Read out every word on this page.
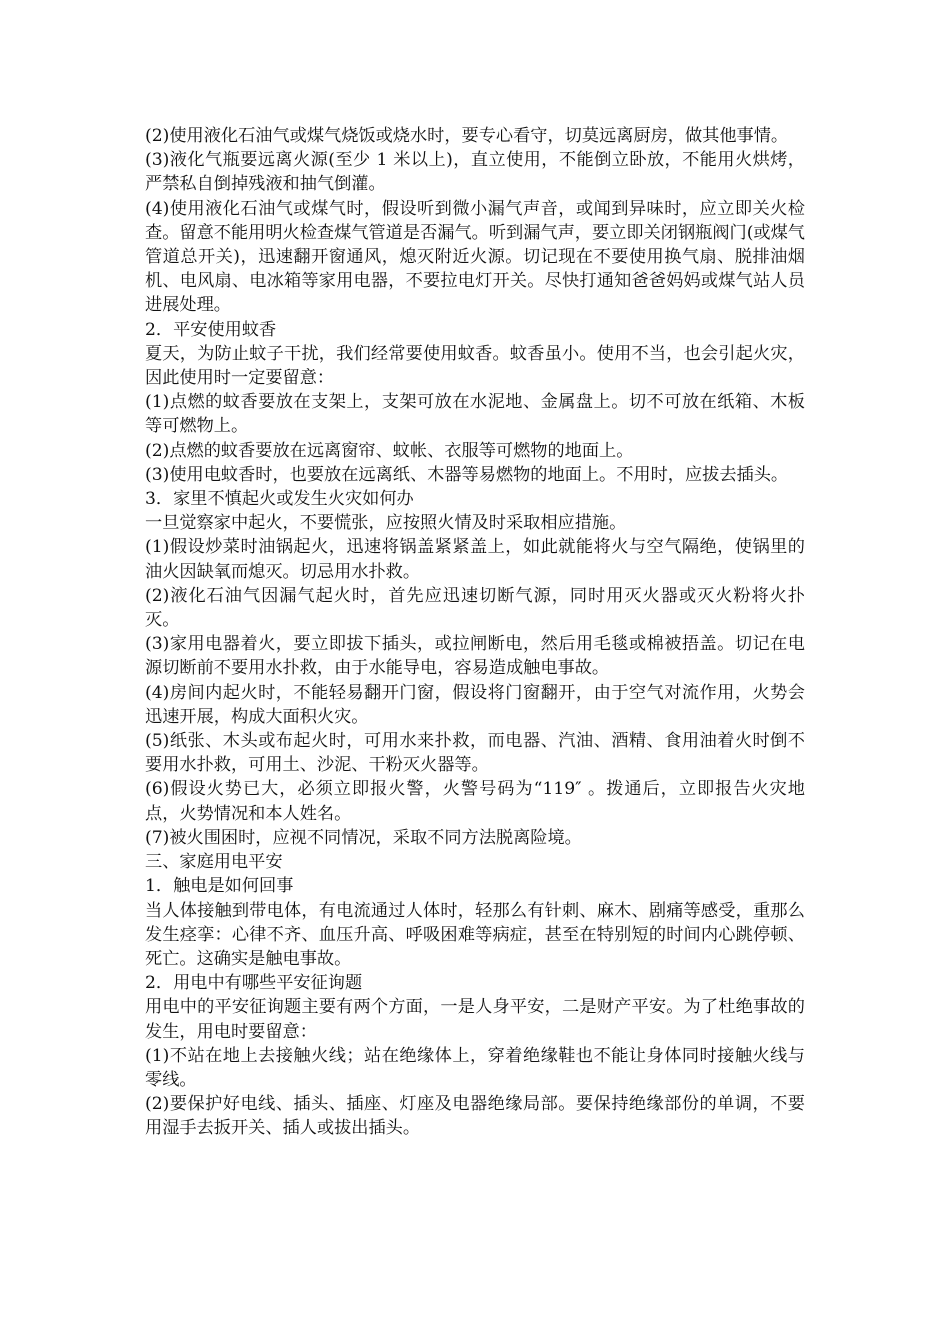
(2)使用液化石油气或煤气烧饭或烧水时，要专心看守，切莫远离厨房，做其他事情。

(3)液化气瓶要远离火源(至少 1 米以上)，直立使用，不能倒立卧放，不能用火烘烤，严禁私自倒掉残液和抽气倒灌。

(4)使用液化石油气或煤气时，假设听到微小漏气声音，或闻到异味时，应立即关火检查。留意不能用明火检查煤气管道是否漏气。听到漏气声，要立即关闭钢瓶阀门(或煤气管道总开关)，迅速翻开窗通风，熄灭附近火源。切记现在不要使用换气扇、脱排油烟机、电风扇、电冰箱等家用电器，不要拉电灯开关。尽快打通知爸爸妈妈或煤气站人员进展处理。

2．平安使用蚊香

夏天，为防止蚊子干扰，我们经常要使用蚊香。蚊香虽小。使用不当，也会引起火灾，因此使用时一定要留意：

(1)点燃的蚊香要放在支架上，支架可放在水泥地、金属盘上。切不可放在纸箱、木板等可燃物上。

(2)点燃的蚊香要放在远离窗帘、蚊帐、衣服等可燃物的地面上。

(3)使用电蚊香时，也要放在远离纸、木器等易燃物的地面上。不用时，应拔去插头。

3．家里不慎起火或发生火灾如何办

一旦觉察家中起火，不要慌张，应按照火情及时采取相应措施。

(1)假设炒菜时油锅起火，迅速将锅盖紧紧盖上，如此就能将火与空气隔绝，使锅里的油火因缺氧而熄灭。切忌用水扑救。

(2)液化石油气因漏气起火时，首先应迅速切断气源，同时用灭火器或灭火粉将火扑灭。

(3)家用电器着火，要立即拔下插头，或拉闸断电，然后用毛毯或棉被捂盖。切记在电源切断前不要用水扑救，由于水能导电，容易造成触电事故。

(4)房间内起火时，不能轻易翻开门窗，假设将门窗翻开，由于空气对流作用，火势会迅速开展，构成大面积火灾。

(5)纸张、木头或布起火时，可用水来扑救，而电器、汽油、酒精、食用油着火时倒不要用水扑救，可用土、沙泥、干粉灭火器等。

(6)假设火势已大，必须立即报火警，火警号码为“119″ 。拨通后，立即报告火灾地点，火势情况和本人姓名。

(7)被火围困时，应视不同情况，采取不同方法脱离险境。

三、家庭用电平安

1．触电是如何回事

当人体接触到带电体，有电流通过人体时，轻那么有针刺、麻木、剧痛等感受，重那么发生痉挛：心律不齐、血压升高、呼吸困难等病症，甚至在特别短的时间内心跳停顿、死亡。这确实是触电事故。

2．用电中有哪些平安征询题

用电中的平安征询题主要有两个方面，一是人身平安，二是财产平安。为了杜绝事故的发生，用电时要留意：

(1)不站在地上去接触火线；站在绝缘体上，穿着绝缘鞋也不能让身体同时接触火线与零线。

(2)要保护好电线、插头、插座、灯座及电器绝缘局部。要保持绝缘部份的单调，不要用湿手去扳开关、插人或拔出插头。
